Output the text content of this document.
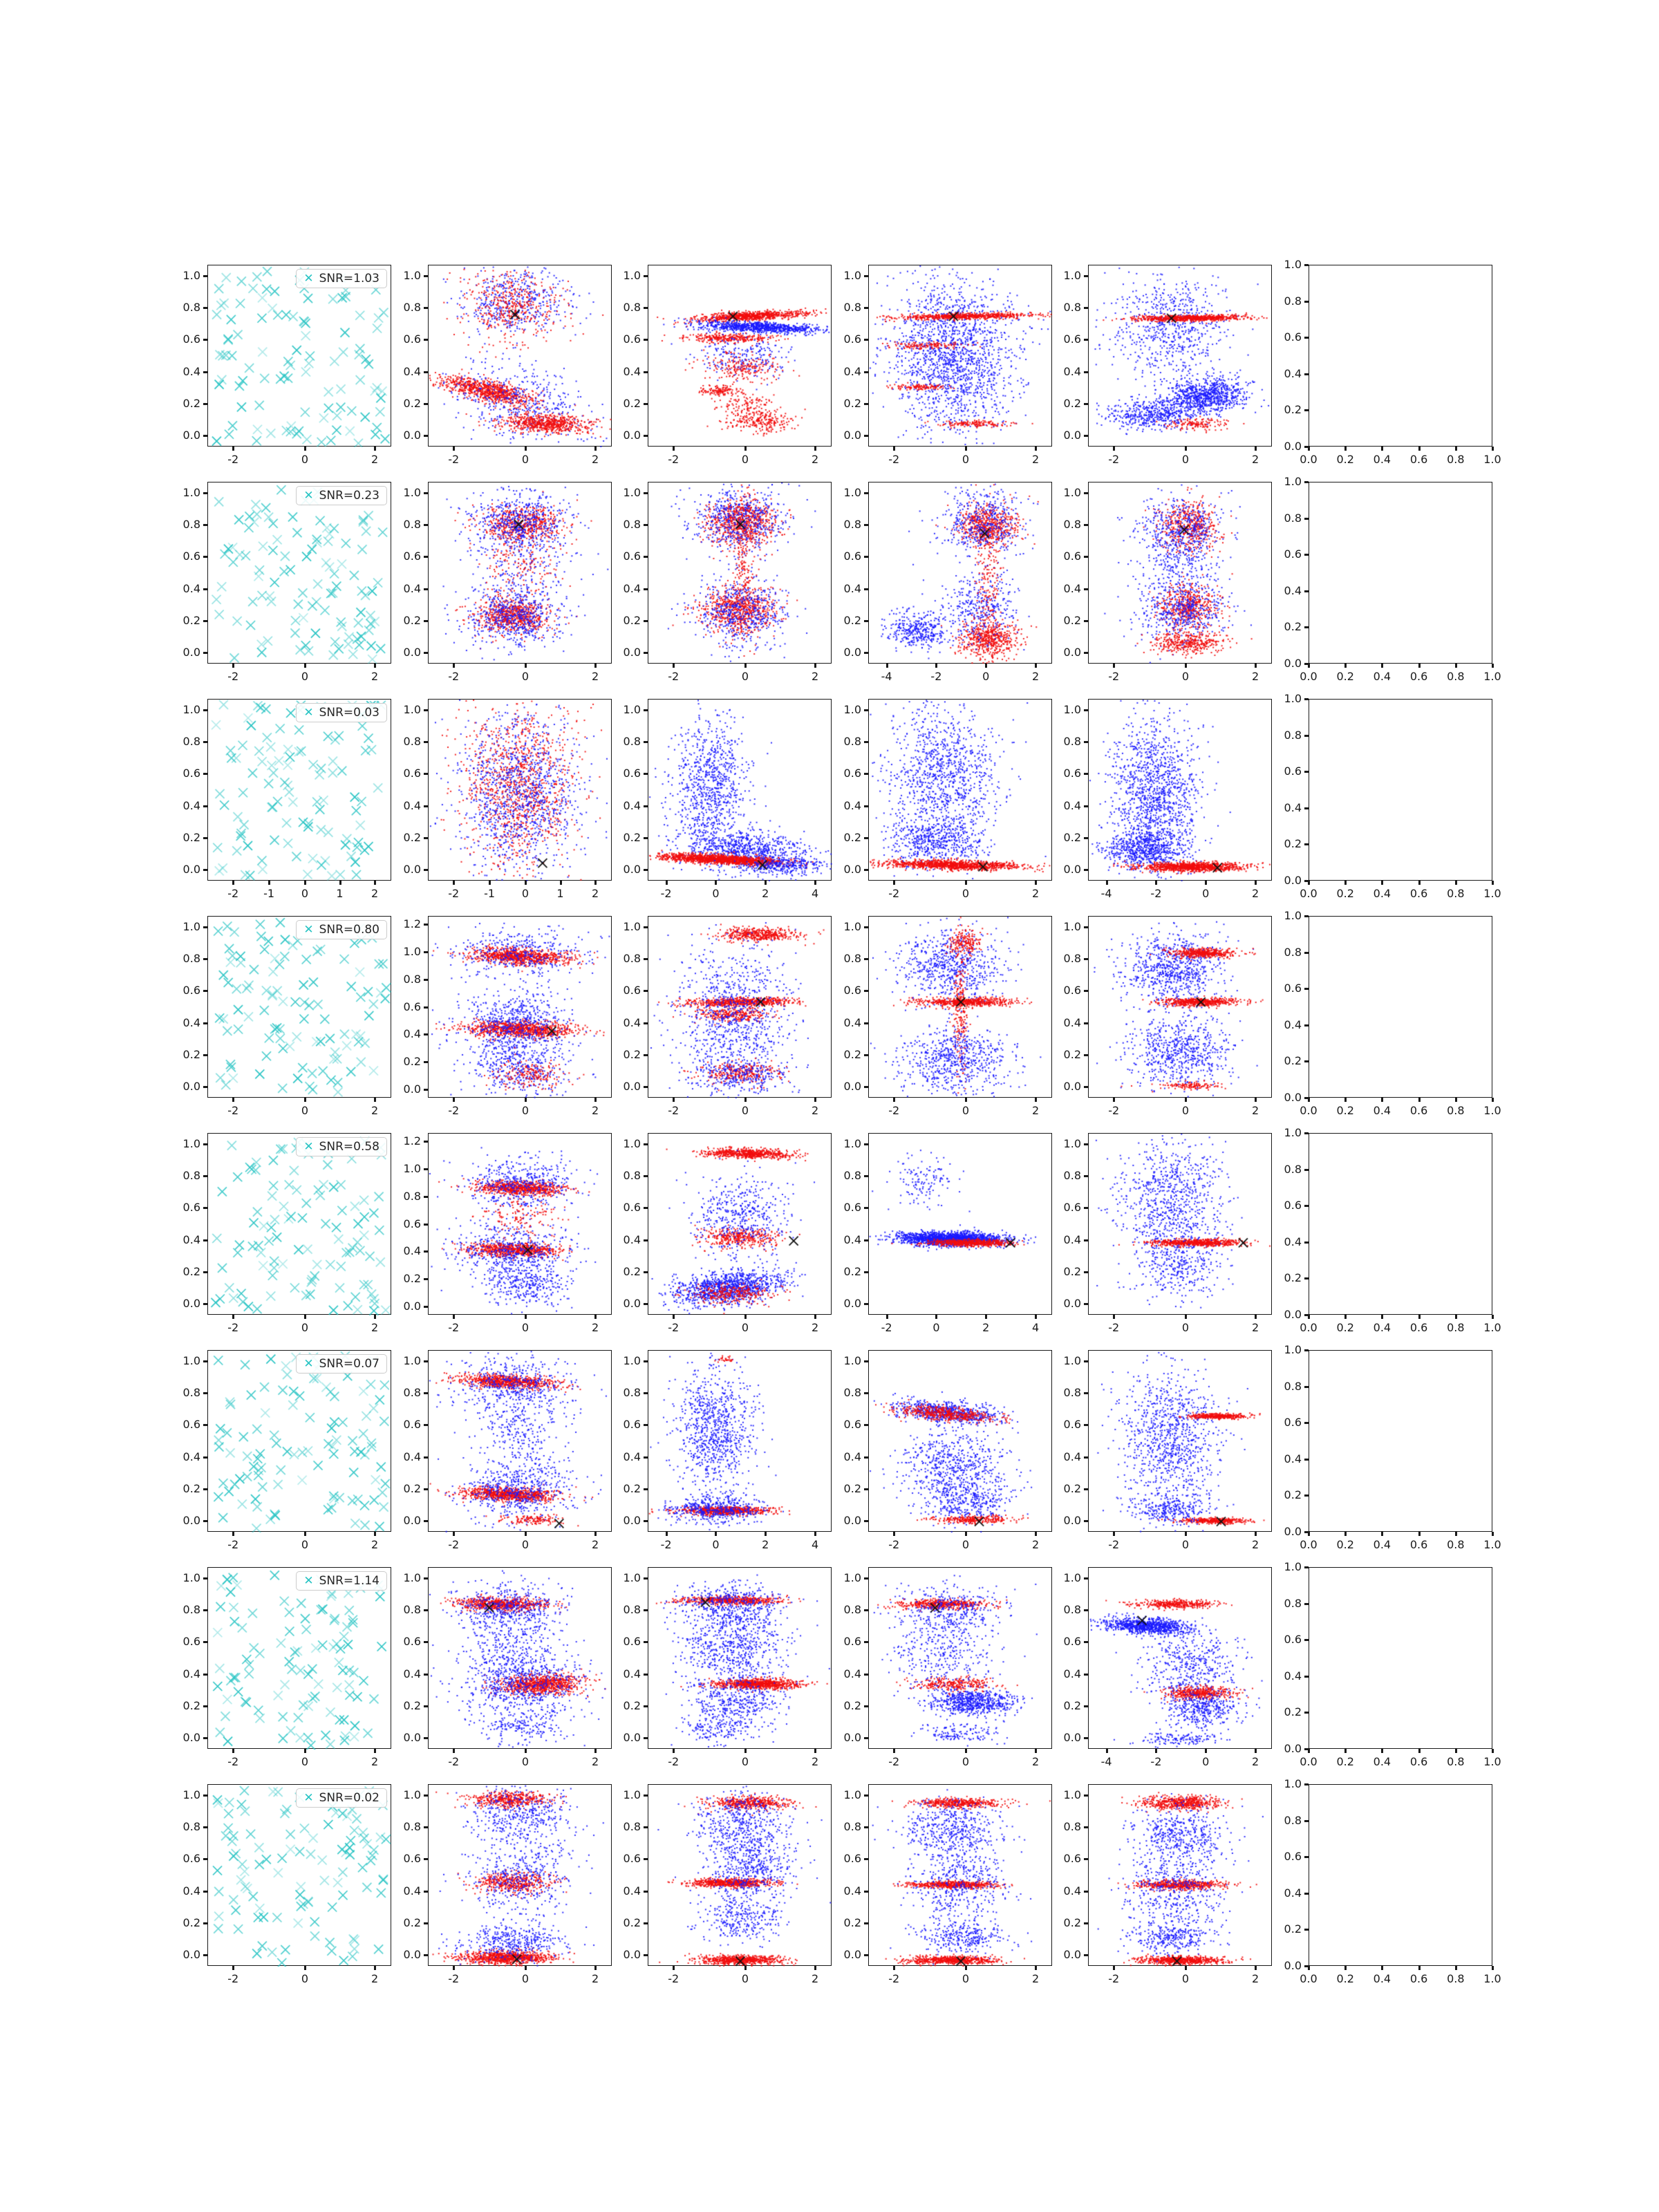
✕ SNR=1.03
-2	0	2
0.0
0.2
0.4
0.6
0.8
1.0
-2	0	2
0.0
0.2
0.4
0.6
0.8
1.0
-2	0	2
0.0
0.2
0.4
0.6
0.8
1.0
-2	0	2
0.0
0.2
0.4
0.6
0.8
1.0
-2	0	2
0.0
0.2
0.4
0.6
0.8
1.0
0.0	0.2	0.4	0.6	0.8	1.0
0.0
0.2
0.4
0.6
0.8
1.0
✕ SNR=0.23
-2	0	2
0.0
0.2
0.4
0.6
0.8
1.0
-2	0	2
0.0
0.2
0.4
0.6
0.8
1.0
-2	0	2
0.0
0.2
0.4
0.6
0.8
1.0
-4	-2	0	2
0.0
0.2
0.4
0.6
0.8
1.0
-2	0	2
0.0
0.2
0.4
0.6
0.8
1.0
0.0	0.2	0.4	0.6	0.8	1.0
0.0
0.2
0.4
0.6
0.8
1.0
✕ SNR=0.03
-2	-1	0	1	2
0.0
0.2
0.4
0.6
0.8
1.0
-2	-1	0	1	2
0.0
0.2
0.4
0.6
0.8
1.0
-2	0	2	4
0.0
0.2
0.4
0.6
0.8
1.0
-2	0	2
0.0
0.2
0.4
0.6
0.8
1.0
-4	-2	0	2
0.0
0.2
0.4
0.6
0.8
1.0
0.0	0.2	0.4	0.6	0.8	1.0
0.0
0.2
0.4
0.6
0.8
1.0
✕ SNR=0.80
-2	0	2
0.0
0.2
0.4
0.6
0.8
1.0
-2	0	2
0.0
0.2
0.4
0.6
0.8
1.0
1.2
-2	0	2
0.0
0.2
0.4
0.6
0.8
1.0
-2	0	2
0.0
0.2
0.4
0.6
0.8
1.0
-2	0	2
0.0
0.2
0.4
0.6
0.8
1.0
0.0	0.2	0.4	0.6	0.8	1.0
0.0
0.2
0.4
0.6
0.8
1.0
✕ SNR=0.58
-2	0	2
0.0
0.2
0.4
0.6
0.8
1.0
-2	0	2
0.0
0.2
0.4
0.6
0.8
1.0
1.2
-2	0	2
0.0
0.2
0.4
0.6
0.8
1.0
-2	0	2	4
0.0
0.2
0.4
0.6
0.8
1.0
-2	0	2
0.0
0.2
0.4
0.6
0.8
1.0
0.0	0.2	0.4	0.6	0.8	1.0
0.0
0.2
0.4
0.6
0.8
1.0
✕ SNR=0.07
-2	0	2
0.0
0.2
0.4
0.6
0.8
1.0
-2	0	2
0.0
0.2
0.4
0.6
0.8
1.0
-2	0	2	4
0.0
0.2
0.4
0.6
0.8
1.0
-2	0	2
0.0
0.2
0.4
0.6
0.8
1.0
-2	0	2
0.0
0.2
0.4
0.6
0.8
1.0
0.0	0.2	0.4	0.6	0.8	1.0
0.0
0.2
0.4
0.6
0.8
1.0
✕ SNR=1.14
-2	0	2
0.0
0.2
0.4
0.6
0.8
1.0
-2	0	2
0.0
0.2
0.4
0.6
0.8
1.0
-2	0	2
0.0
0.2
0.4
0.6
0.8
1.0
-2	0	2
0.0
0.2
0.4
0.6
0.8
1.0
-4	-2	0	2
0.0
0.2
0.4
0.6
0.8
1.0
0.0	0.2	0.4	0.6	0.8	1.0
0.0
0.2
0.4
0.6
0.8
1.0
✕ SNR=0.02
-2	0	2
0.0
0.2
0.4
0.6
0.8
1.0
-2	0	2
0.0
0.2
0.4
0.6
0.8
1.0
-2	0	2
0.0
0.2
0.4
0.6
0.8
1.0
-2	0	2
0.0
0.2
0.4
0.6
0.8
1.0
-2	0	2
0.0
0.2
0.4
0.6
0.8
1.0
0.0	0.2	0.4	0.6	0.8	1.0
0.0
0.2
0.4
0.6
0.8
1.0
